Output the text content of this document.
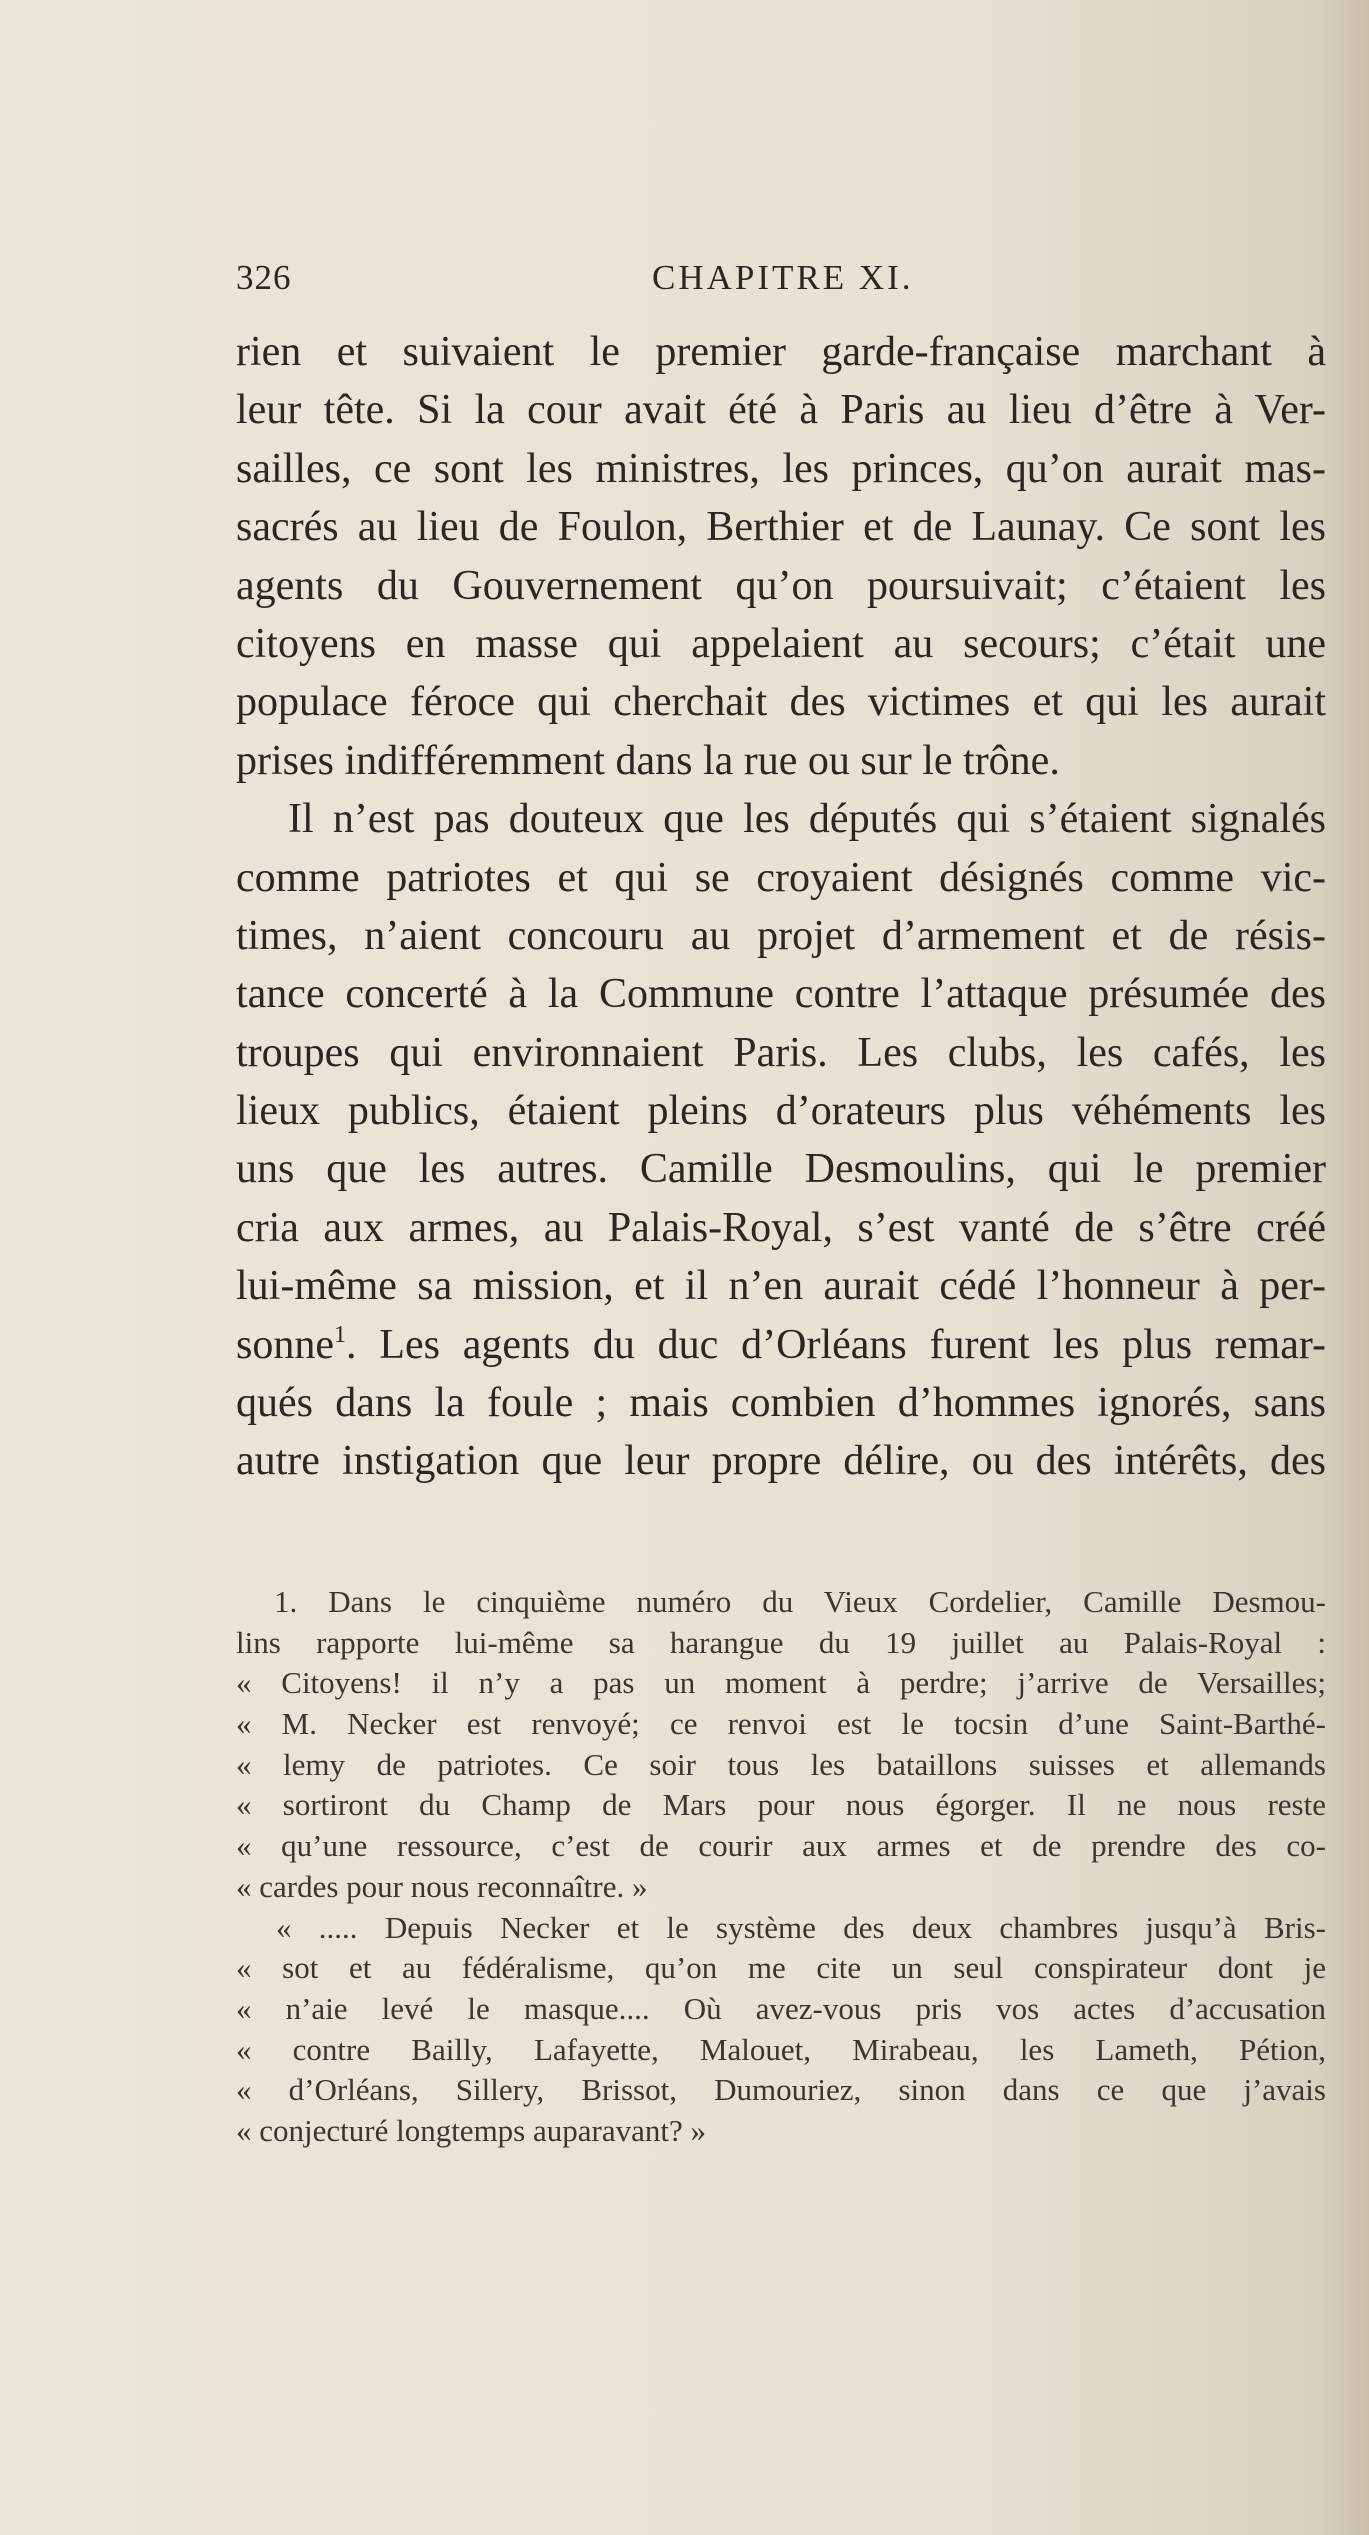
326	CHAPITRE XI.
rien et suivaient le premier garde-française marchant à
leur tête. Si la cour avait été à Paris au lieu d’être à Ver-
sailles, ce sont les ministres, les princes, qu’on aurait mas-
sacrés au lieu de Foulon, Berthier et de Launay. Ce sont les
agents du Gouvernement qu’on poursuivait; c’étaient les
citoyens en masse qui appelaient au secours; c’était une
populace féroce qui cherchait des victimes et qui les aurait
prises indifféremment dans la rue ou sur le trône.
Il n’est pas douteux que les députés qui s’étaient signalés
comme patriotes et qui se croyaient désignés comme vic-
times, n’aient concouru au projet d’armement et de résis-
tance concerté à la Commune contre l’attaque présumée des
troupes qui environnaient Paris. Les clubs, les cafés, les
lieux publics, étaient pleins d’orateurs plus véhéments les
uns que les autres. Camille Desmoulins, qui le premier
cria aux armes, au Palais-Royal, s’est vanté de s’être créé
lui-même sa mission, et il n’en aurait cédé l’honneur à per-
sonne$^1$. Les agents du duc d’Orléans furent les plus remar-
qués dans la foule ; mais combien d’hommes ignorés, sans
autre instigation que leur propre délire, ou des intérêts, des
1. Dans le cinquième numéro du Vieux Cordelier, Camille Desmou-
lins rapporte lui-même sa harangue du 19 juillet au Palais-Royal :
« Citoyens! il n’y a pas un moment à perdre; j’arrive de Versailles;
« M. Necker est renvoyé; ce renvoi est le tocsin d’une Saint-Barthé-
« lemy de patriotes. Ce soir tous les bataillons suisses et allemands
« sortiront du Champ de Mars pour nous égorger. Il ne nous reste
« qu’une ressource, c’est de courir aux armes et de prendre des co-
« cardes pour nous reconnaître. »
« ..... Depuis Necker et le système des deux chambres jusqu’à Bris-
« sot et au fédéralisme, qu’on me cite un seul conspirateur dont je
« n’aie levé le masque.... Où avez-vous pris vos actes d’accusation
« contre Bailly, Lafayette, Malouet, Mirabeau, les Lameth, Pétion,
« d’Orléans, Sillery, Brissot, Dumouriez, sinon dans ce que j’avais
« conjecturé longtemps auparavant? »
